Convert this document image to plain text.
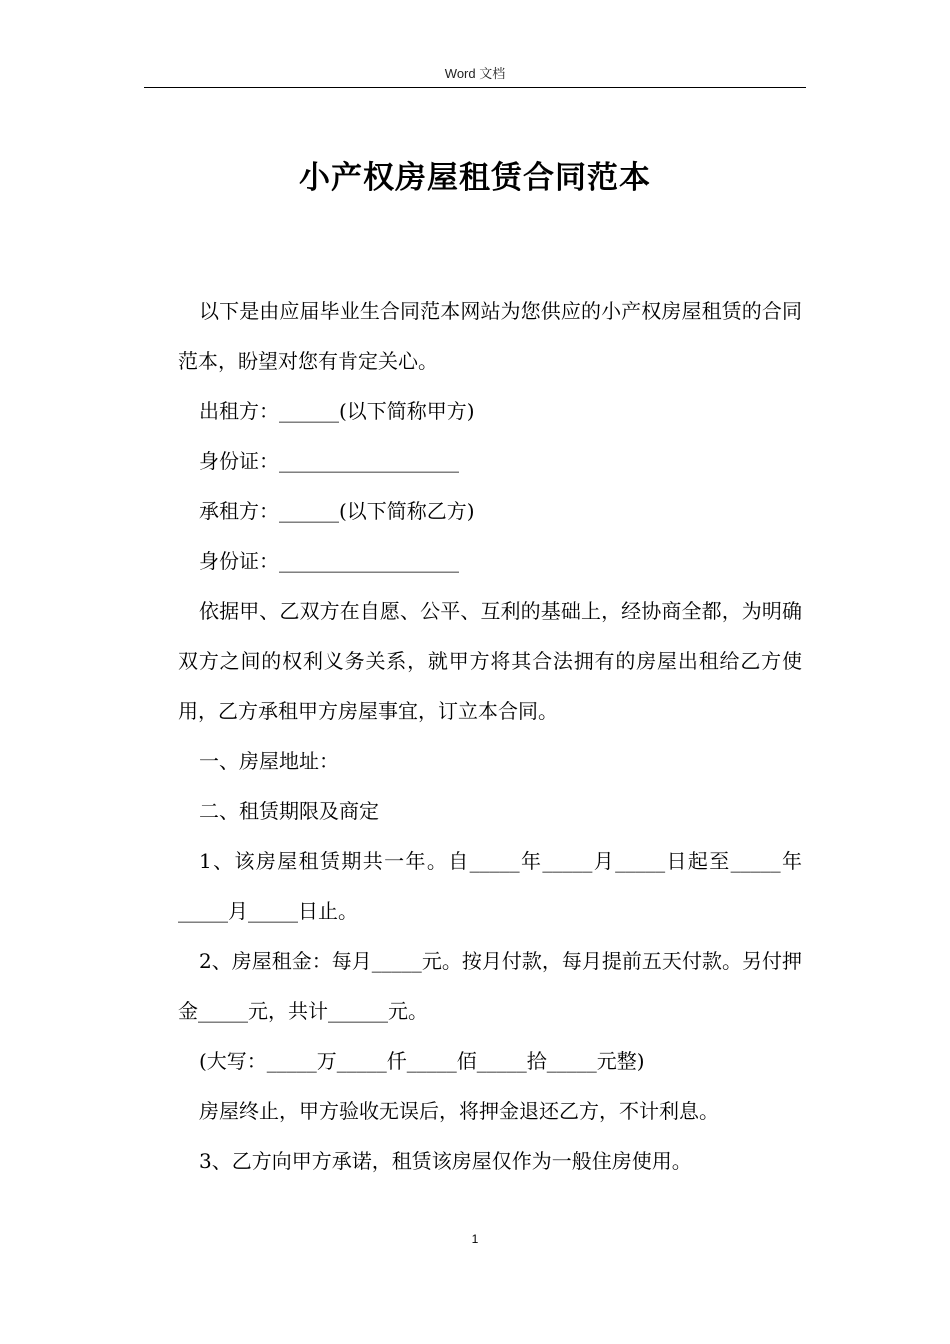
Word 文档
小产权房屋租赁合同范本

以下是由应届毕业生合同范本网站为您供应的小产权房屋租赁的合同范本，盼望对您有肯定关心。

出租方：______(以下简称甲方)

身份证：__________________

承租方：______(以下简称乙方)

身份证：__________________

依据甲、乙双方在自愿、公平、互利的基础上，经协商全都，为明确双方之间的权利义务关系，就甲方将其合法拥有的房屋出租给乙方使用，乙方承租甲方房屋事宜，订立本合同。

一、房屋地址：

二、租赁期限及商定

1、该房屋租赁期共一年。自_____年_____月_____日起至_____年_____月_____日止。

2、房屋租金：每月_____元。按月付款，每月提前五天付款。另付押金_____元，共计______元。

(大写：_____万_____仟_____佰_____拾_____元整)

房屋终止，甲方验收无误后，将押金退还乙方，不计利息。

3、乙方向甲方承诺，租赁该房屋仅作为一般住房使用。

1
